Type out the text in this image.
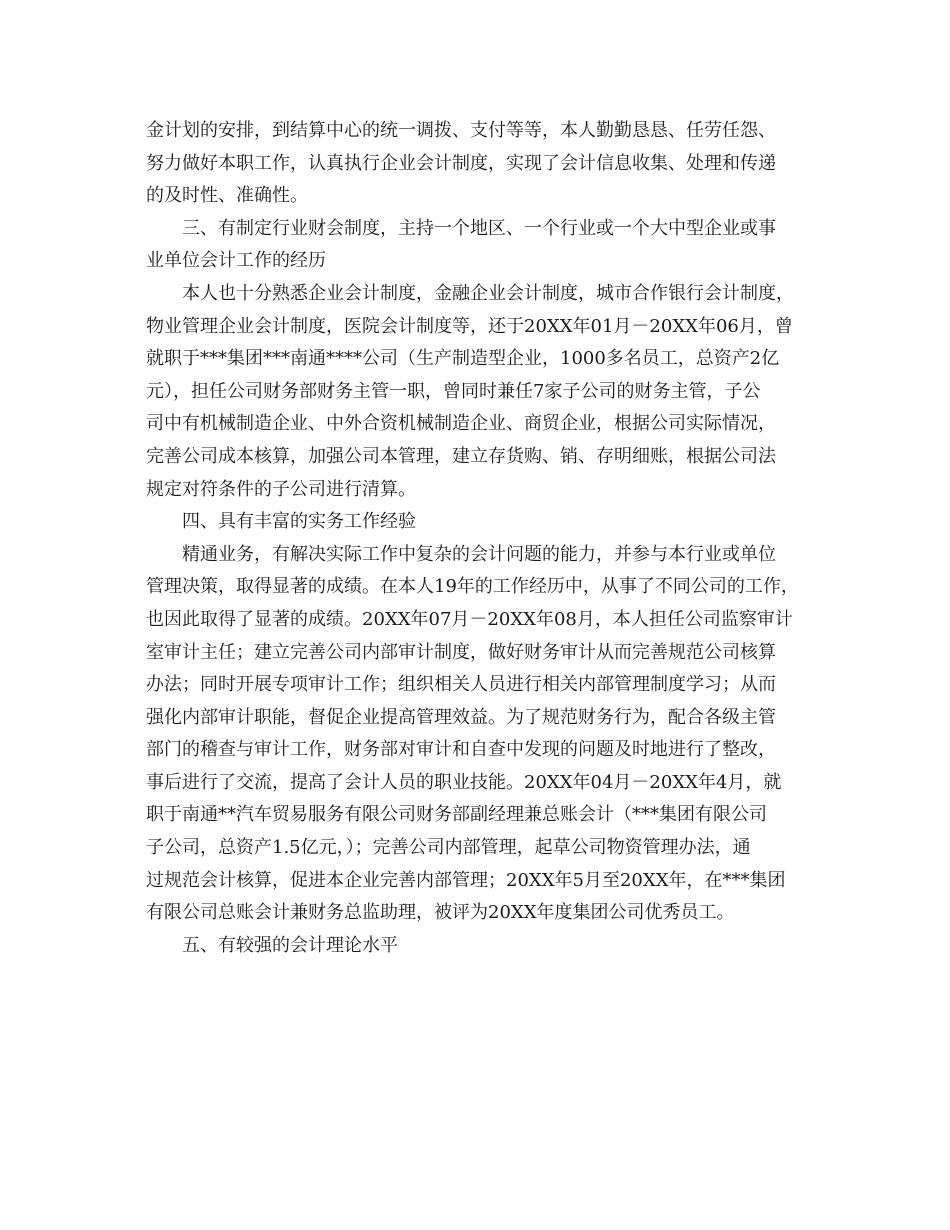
金计划的安排，到结算中心的统一调拨、支付等等，本人勤勤恳恳、任劳任怨、
努力做好本职工作，认真执行企业会计制度，实现了会计信息收集、处理和传递
的及时性、准确性。
三、有制定行业财会制度，主持一个地区、一个行业或一个大中型企业或事
业单位会计工作的经历
本人也十分熟悉企业会计制度，金融企业会计制度，城市合作银行会计制度，
物业管理企业会计制度，医院会计制度等，还于20XX年01月－20XX年06月，曾
就职于***集团***南通****公司（生产制造型企业，1000多名员工，总资产2亿
元），担任公司财务部财务主管一职，曾同时兼任7家子公司的财务主管，子公
司中有机械制造企业、中外合资机械制造企业、商贸企业，根据公司实际情况，
完善公司成本核算，加强公司本管理，建立存货购、销、存明细账，根据公司法
规定对符条件的子公司进行清算。
四、具有丰富的实务工作经验
精通业务，有解决实际工作中复杂的会计问题的能力，并参与本行业或单位
管理决策，取得显著的成绩。在本人19年的工作经历中，从事了不同公司的工作，
也因此取得了显著的成绩。20XX年07月－20XX年08月，本人担任公司监察审计
室审计主任；建立完善公司内部审计制度，做好财务审计从而完善规范公司核算
办法；同时开展专项审计工作；组织相关人员进行相关内部管理制度学习；从而
强化内部审计职能，督促企业提高管理效益。为了规范财务行为，配合各级主管
部门的稽查与审计工作，财务部对审计和自查中发现的问题及时地进行了整改，
事后进行了交流，提高了会计人员的职业技能。20XX年04月－20XX年4月，就
职于南通**汽车贸易服务有限公司财务部副经理兼总账会计（***集团有限公司
子公司，总资产1.5亿元，）；完善公司内部管理，起草公司物资管理办法，通
过规范会计核算，促进本企业完善内部管理；20XX年5月至20XX年，在***集团
有限公司总账会计兼财务总监助理，被评为20XX年度集团公司优秀员工。
五、有较强的会计理论水平
